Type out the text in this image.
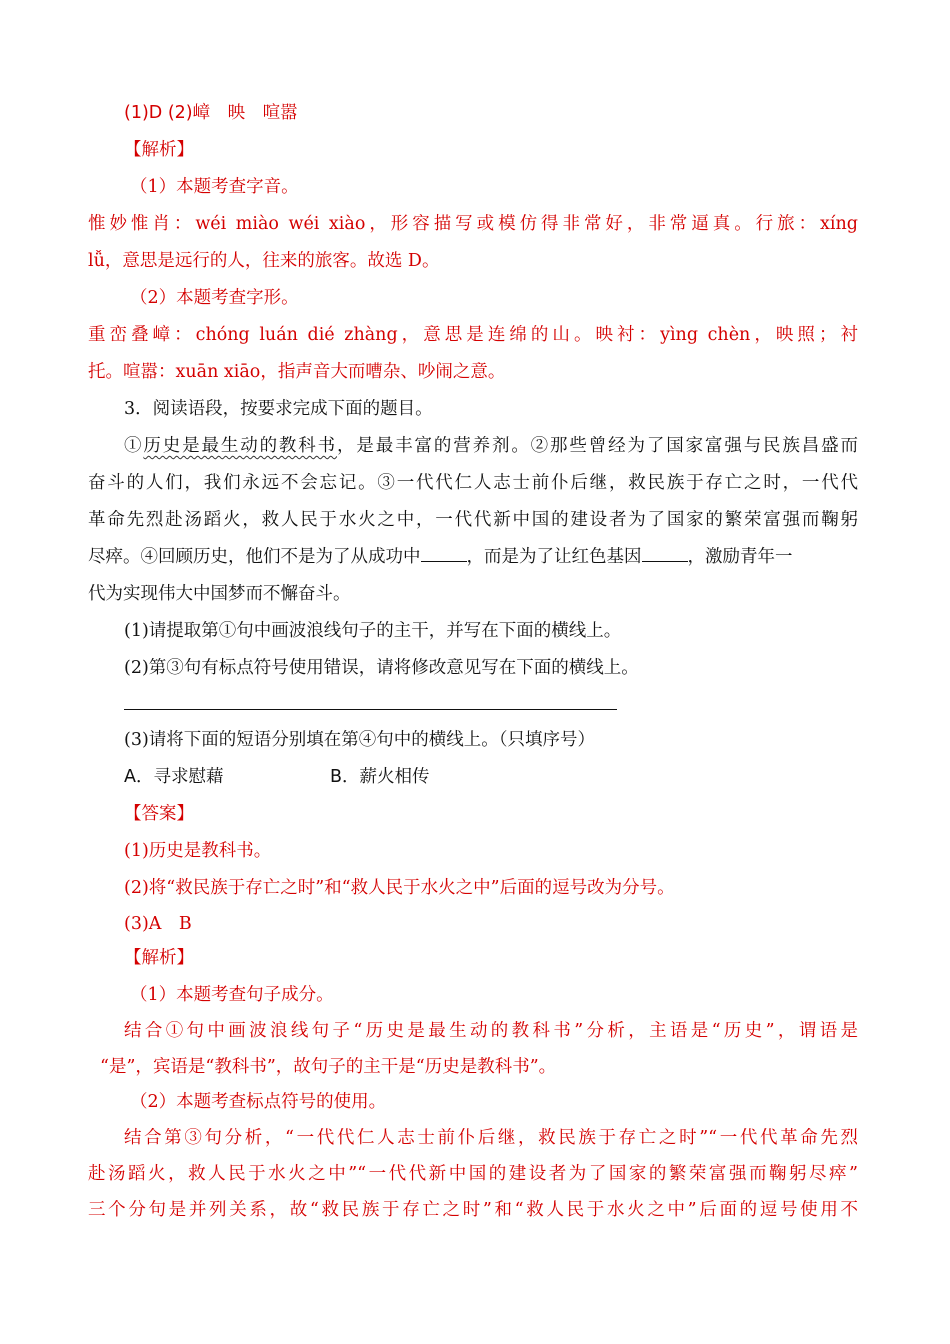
(1)D (2)嶂　映　喧嚣
【解析】
（1）本题考查字音。
惟妙惟肖：wéi miào wéi xiào，形容描写或模仿得非常好，非常逼真。行旅：xíng
lǚ，意思是远行的人，往来的旅客。故选 D。
（2）本题考查字形。
重峦叠嶂：chóng luán dié zhàng，意思是连绵的山。映衬：yìng chèn，映照；衬
托。喧嚣：xuān xiāo，指声音大而嘈杂、吵闹之意。
3．阅读语段，按要求完成下面的题目。
①历史是最生动的教科书，是最丰富的营养剂。②那些曾经为了国家富强与民族昌盛而
奋斗的人们，我们永远不会忘记。③一代代仁人志士前仆后继，救民族于存亡之时，一代代
革命先烈赴汤蹈火，救人民于水火之中，一代代新中国的建设者为了国家的繁荣富强而鞠躬
尽瘁。④回顾历史，他们不是为了从成功中	，而是为了让红色基因	，激励青年一
代为实现伟大中国梦而不懈奋斗。
(1)请提取第①句中画波浪线句子的主干，并写在下面的横线上。
(2)第③句有标点符号使用错误，请将修改意见写在下面的横线上。
(3)请将下面的短语分别填在第④句中的横线上。（只填序号）
A．寻求慰藉	B．薪火相传
【答案】
(1)历史是教科书。
(2)将“救民族于存亡之时”和“救人民于水火之中”后面的逗号改为分号。
(3)A　B
【解析】
（1）本题考查句子成分。
结合①句中画波浪线句子“历史是最生动的教科书”分析，主语是“历史”，谓语是
“是”，宾语是“教科书”，故句子的主干是“历史是教科书”。
（2）本题考查标点符号的使用。
结合第③句分析，“一代代仁人志士前仆后继，救民族于存亡之时”“一代代革命先烈
赴汤蹈火，救人民于水火之中”“一代代新中国的建设者为了国家的繁荣富强而鞠躬尽瘁”
三个分句是并列关系，故“救民族于存亡之时”和“救人民于水火之中”后面的逗号使用不
